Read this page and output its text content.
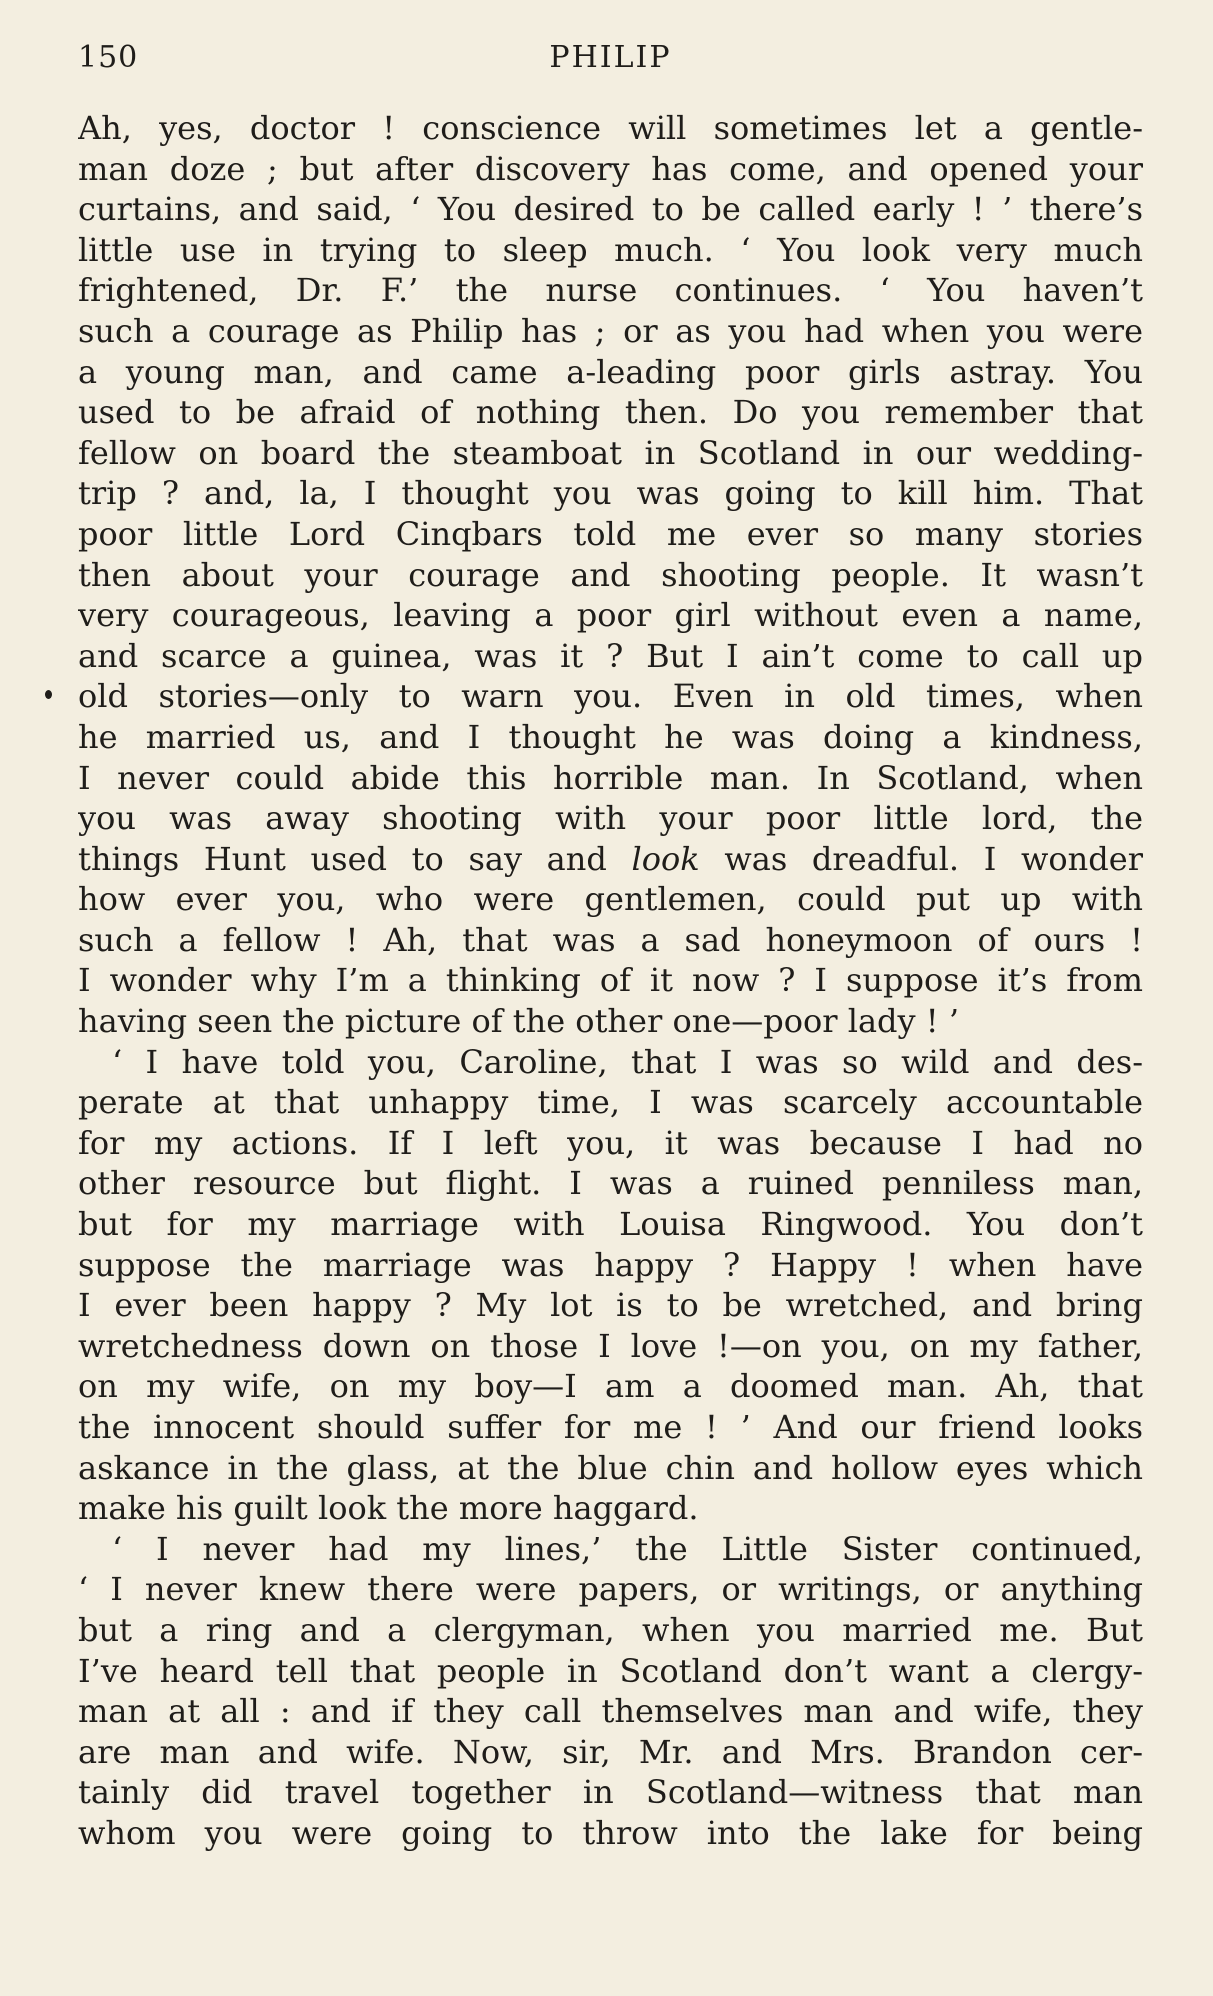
150	PHILIP
Ah, yes, doctor ! conscience will sometimes let a gentle-
man doze ; but after discovery has come, and opened your
curtains, and said, ‘ You desired to be called early ! ’ there’s
little use in trying to sleep much. ‘ You look very much
frightened, Dr. F.’ the nurse continues. ‘ You haven’t
such a courage as Philip has ; or as you had when you were
a young man, and came a-leading poor girls astray. You
used to be afraid of nothing then. Do you remember that
fellow on board the steamboat in Scotland in our wedding-
trip ? and, la, I thought you was going to kill him. That
poor little Lord Cinqbars told me ever so many stories
then about your courage and shooting people. It wasn’t
very courageous, leaving a poor girl without even a name,
and scarce a guinea, was it ? But I ain’t come to call up
old stories—only to warn you. Even in old times, when
he married us, and I thought he was doing a kindness,
I never could abide this horrible man. In Scotland, when
you was away shooting with your poor little lord, the
things Hunt used to say and look was dreadful. I wonder
how ever you, who were gentlemen, could put up with
such a fellow ! Ah, that was a sad honeymoon of ours !
I wonder why I’m a thinking of it now ? I suppose it’s from
having seen the picture of the other one—poor lady ! ’
‘ I have told you, Caroline, that I was so wild and des-
perate at that unhappy time, I was scarcely accountable
for my actions. If I left you, it was because I had no
other resource but flight. I was a ruined penniless man,
but for my marriage with Louisa Ringwood. You don’t
suppose the marriage was happy ? Happy ! when have
I ever been happy ? My lot is to be wretched, and bring
wretchedness down on those I love !—on you, on my father,
on my wife, on my boy—I am a doomed man. Ah, that
the innocent should suffer for me ! ’ And our friend looks
askance in the glass, at the blue chin and hollow eyes which
make his guilt look the more haggard.
‘ I never had my lines,’ the Little Sister continued,
‘ I never knew there were papers, or writings, or anything
but a ring and a clergyman, when you married me. But
I’ve heard tell that people in Scotland don’t want a clergy-
man at all : and if they call themselves man and wife, they
are man and wife. Now, sir, Mr. and Mrs. Brandon cer-
tainly did travel together in Scotland—witness that man
whom you were going to throw into the lake for being
